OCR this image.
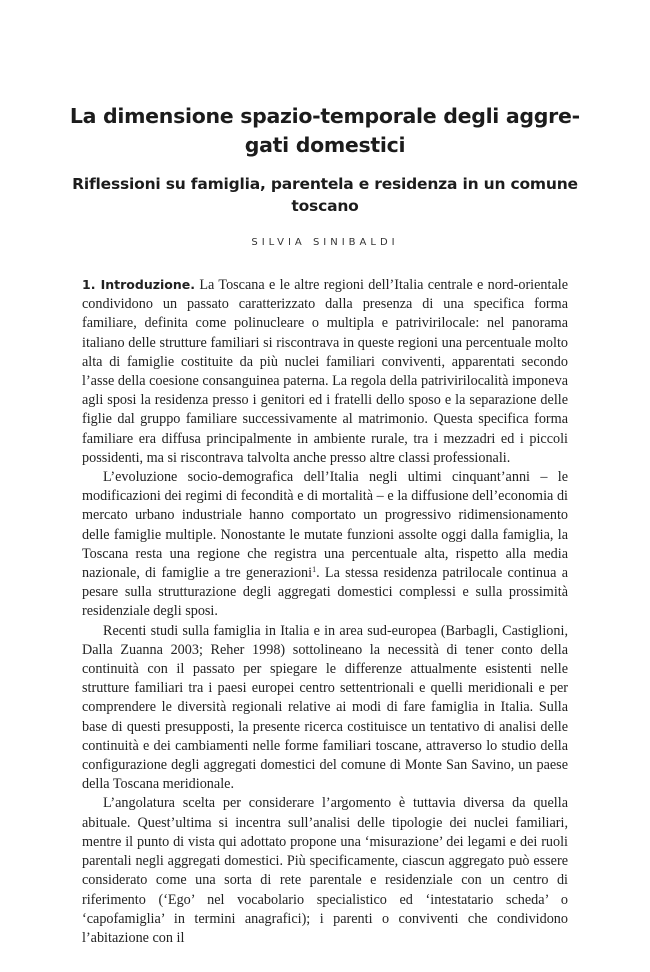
La dimensione spazio-temporale degli aggregati domestici
Riflessioni su famiglia, parentela e residenza in un comune toscano
SILVIA SINIBALDI

1. Introduzione. La Toscana e le altre regioni dell’Italia centrale e nord-orientale condividono un passato caratterizzato dalla presenza di una specifica forma familiare, definita come polinucleare o multipla e patrivirilocale: nel panorama italiano delle strutture familiari si riscontrava in queste regioni una percentuale molto alta di famiglie costituite da più nuclei familiari conviventi, apparentati secondo l’asse della coesione consanguinea paterna. La regola della patrivirilocalità imponeva agli sposi la residenza presso i genitori ed i fratelli dello sposo e la separazione delle figlie dal gruppo familiare successivamente al matrimonio. Questa specifica forma familiare era diffusa principalmente in ambiente rurale, tra i mezzadri ed i piccoli possidenti, ma si riscontrava talvolta anche presso altre classi professionali.

L’evoluzione socio-demografica dell’Italia negli ultimi cinquant’anni – le modificazioni dei regimi di fecondità e di mortalità – e la diffusione dell’economia di mercato urbano industriale hanno comportato un progressivo ridimensionamento delle famiglie multiple. Nonostante le mutate funzioni assolte oggi dalla famiglia, la Toscana resta una regione che registra una percentuale alta, rispetto alla media nazionale, di famiglie a tre generazioni$^1$. La stessa residenza patrilocale continua a pesare sulla strutturazione degli aggregati domestici complessi e sulla prossimità residenziale degli sposi.

Recenti studi sulla famiglia in Italia e in area sud-europea (Barbagli, Castiglioni, Dalla Zuanna 2003; Reher 1998) sottolineano la necessità di tener conto della continuità con il passato per spiegare le differenze attualmente esistenti nelle strutture familiari tra i paesi europei centro settentrionali e quelli meridionali e per comprendere le diversità regionali relative ai modi di fare famiglia in Italia. Sulla base di questi presupposti, la presente ricerca costituisce un tentativo di analisi delle continuità e dei cambiamenti nelle forme familiari toscane, attraverso lo studio della configurazione degli aggregati domestici del comune di Monte San Savino, un paese della Toscana meridionale.

L’angolatura scelta per considerare l’argomento è tuttavia diversa da quella abituale. Quest’ultima si incentra sull’analisi delle tipologie dei nuclei familiari, mentre il punto di vista qui adottato propone una ‘misurazione’ dei legami e dei ruoli parentali negli aggregati domestici. Più specificamente, ciascun aggregato può essere considerato come una sorta di rete parentale e residenziale con un centro di riferimento (‘Ego’ nel vocabolario specialistico ed ‘intestatario scheda’ o ‘capofamiglia’ in termini anagrafici); i parenti o conviventi che condividono l’abitazione con il
